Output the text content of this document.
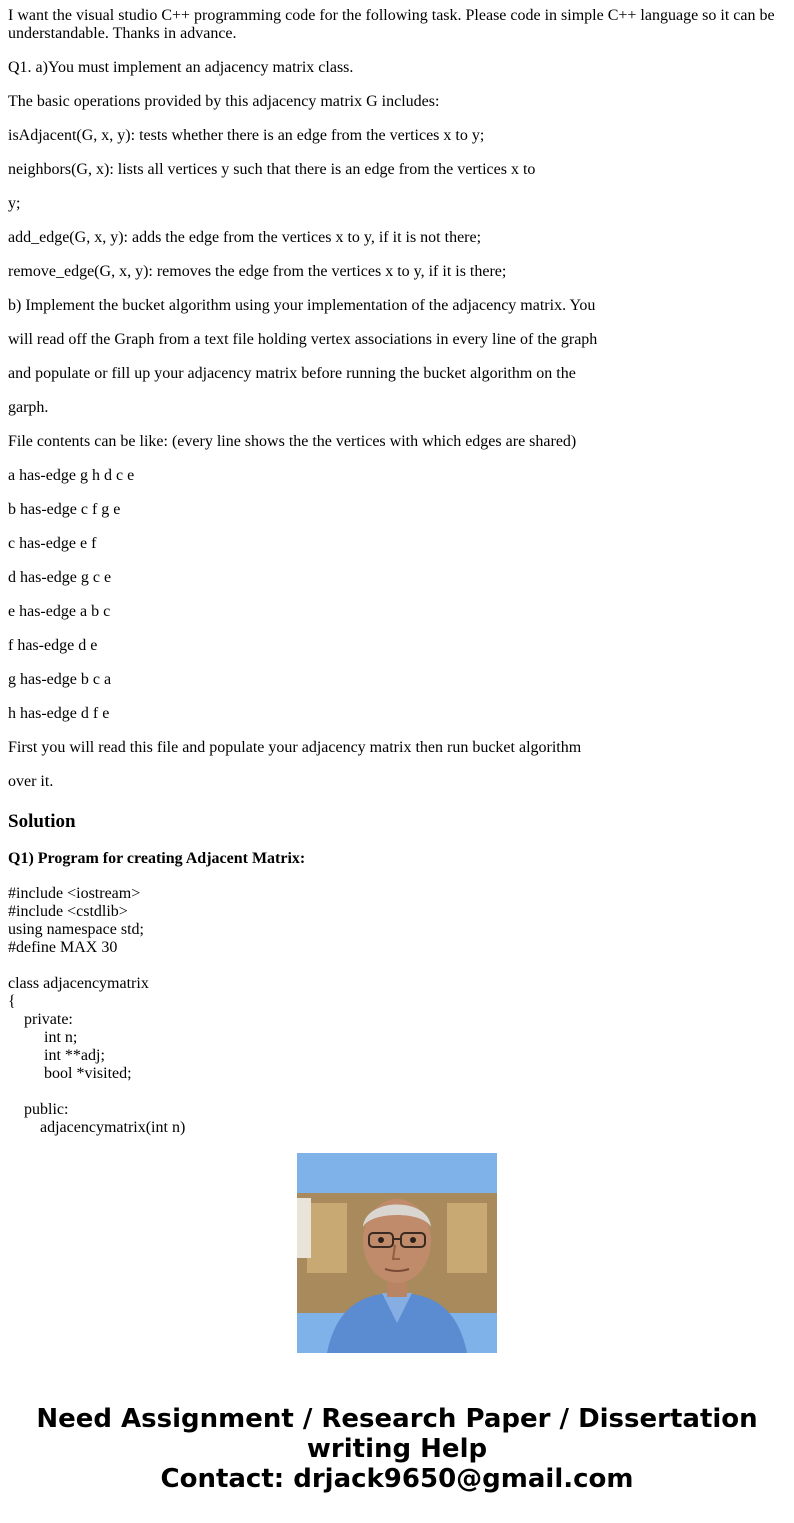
I want the visual studio C++ programming code for the following task. Please code in simple C++ language so it can be understandable. Thanks in advance.

Q1. a)You must implement an adjacency matrix class.

The basic operations provided by this adjacency matrix G includes:

isAdjacent(G, x, y): tests whether there is an edge from the vertices x to y;

neighbors(G, x): lists all vertices y such that there is an edge from the vertices x to

y;

add_edge(G, x, y): adds the edge from the vertices x to y, if it is not there;

remove_edge(G, x, y): removes the edge from the vertices x to y, if it is there;

b) Implement the bucket algorithm using your implementation of the adjacency matrix. You

will read off the Graph from a text file holding vertex associations in every line of the graph

and populate or fill up your adjacency matrix before running the bucket algorithm on the

garph.

File contents can be like: (every line shows the the vertices with which edges are shared)

a has-edge g h d c e

b has-edge c f g e

c has-edge e f

d has-edge g c e

e has-edge a b c

f has-edge d e

g has-edge b c a

h has-edge d f e

First you will read this file and populate your adjacency matrix then run bucket algorithm

over it.

Solution
Q1) Program for creating Adjacent Matrix:
#include <iostream>
#include <cstdlib>
using namespace std;
#define MAX 30
class adjacencymatrix
{
private:
int n;
int **adj;
bool *visited;
public:
adjacencymatrix(int n)
Need Assignment / Research Paper / Dissertation
writing Help
Contact: drjack9650@gmail.com
